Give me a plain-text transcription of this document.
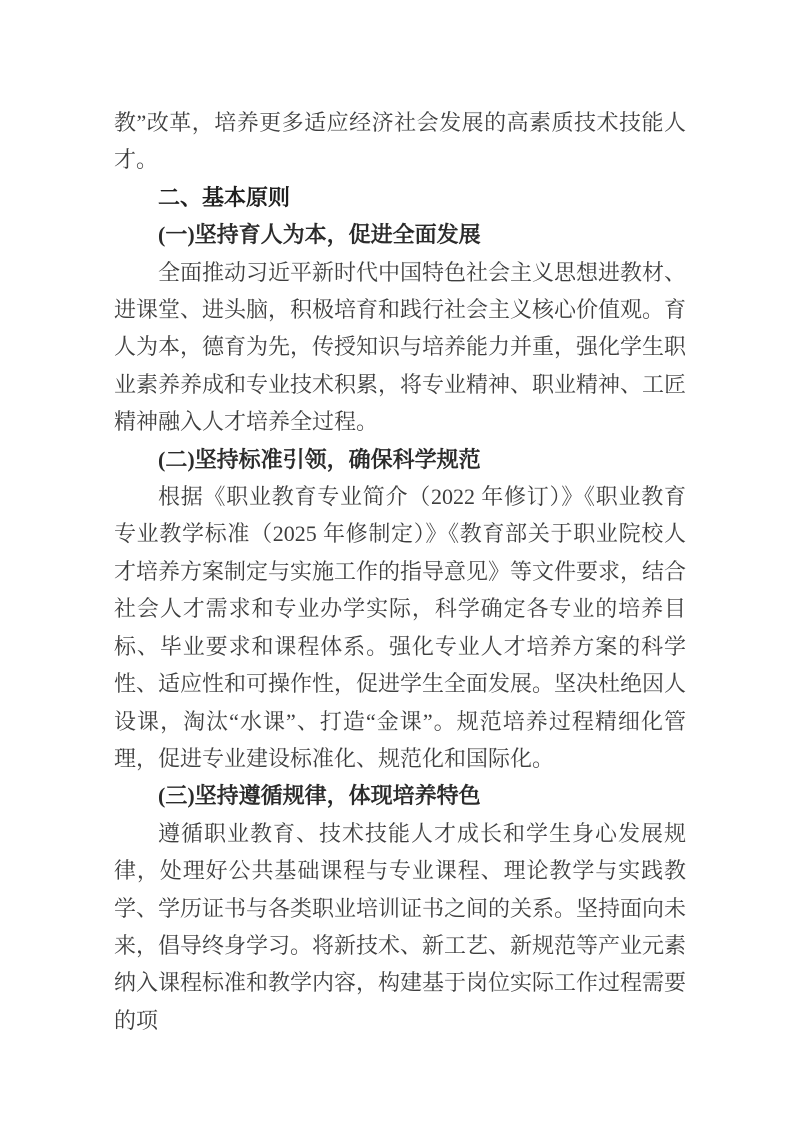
教”改革，培养更多适应经济社会发展的高素质技术技能人才。

二、基本原则
(一)坚持育人为本，促进全面发展

全面推动习近平新时代中国特色社会主义思想进教材、进课堂、进头脑，积极培育和践行社会主义核心价值观。育人为本，德育为先，传授知识与培养能力并重，强化学生职业素养养成和专业技术积累，将专业精神、职业精神、工匠精神融入人才培养全过程。

(二)坚持标准引领，确保科学规范

根据《职业教育专业简介（2022 年修订）》《职业教育专业教学标准（2025 年修制定）》《教育部关于职业院校人才培养方案制定与实施工作的指导意见》等文件要求，结合社会人才需求和专业办学实际，科学确定各专业的培养目标、毕业要求和课程体系。强化专业人才培养方案的科学性、适应性和可操作性，促进学生全面发展。坚决杜绝因人设课，淘汰“水课”、打造“金课”。规范培养过程精细化管理，促进专业建设标准化、规范化和国际化。

(三)坚持遵循规律，体现培养特色

遵循职业教育、技术技能人才成长和学生身心发展规律，处理好公共基础课程与专业课程、理论教学与实践教学、学历证书与各类职业培训证书之间的关系。坚持面向未来，倡导终身学习。将新技术、新工艺、新规范等产业元素纳入课程标准和教学内容，构建基于岗位实际工作过程需要的项
